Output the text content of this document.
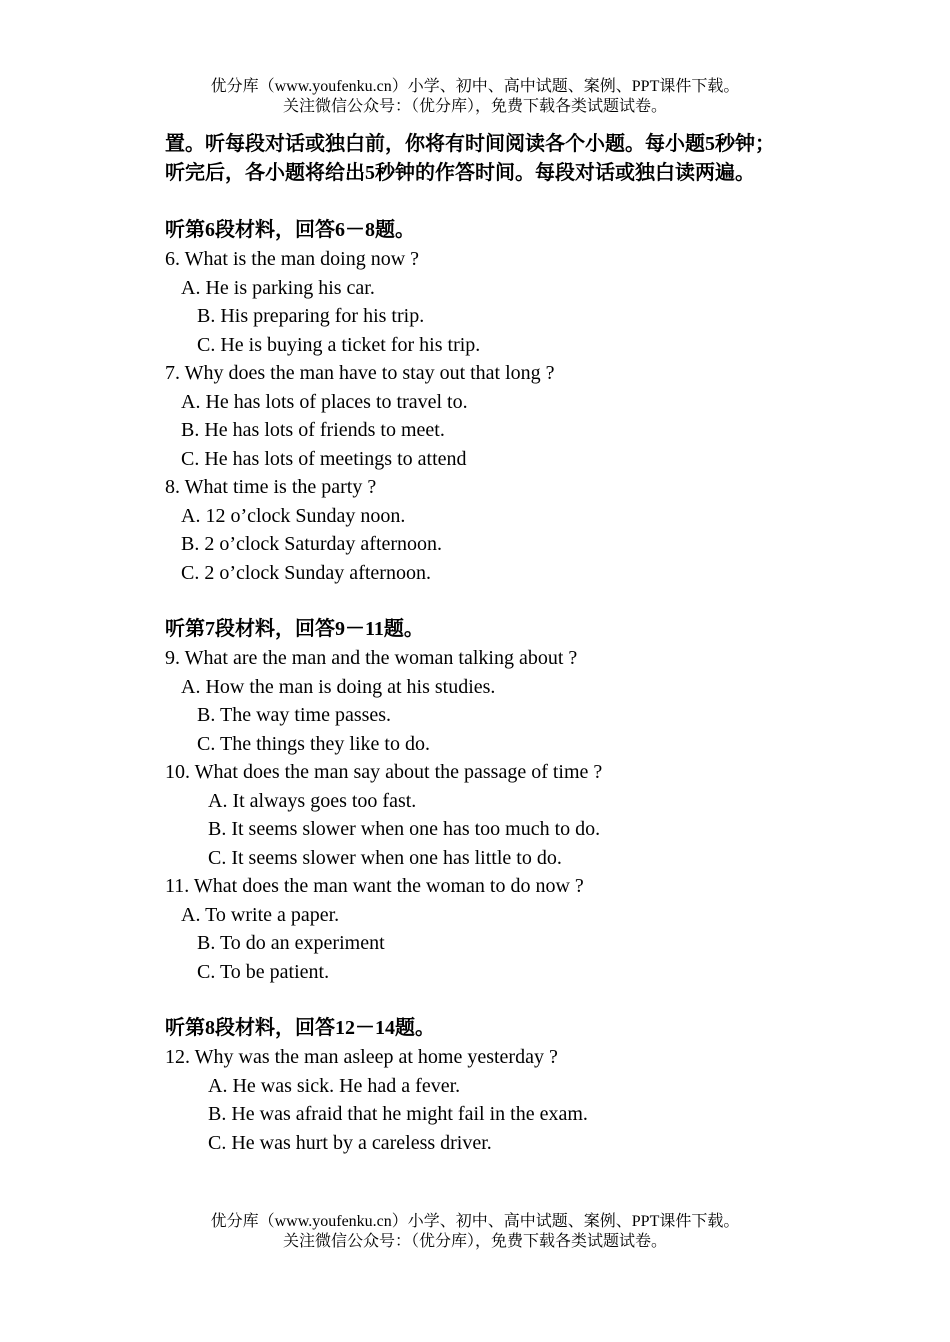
优分库（www.youfenku.cn）小学、初中、高中试题、案例、PPT课件下载。
关注微信公众号：（优分库），免费下载各类试题试卷。

置。听每段对话或独白前，你将有时间阅读各个小题。每小题5秒钟；听完后，各小题将给出5秒钟的作答时间。每段对话或独白读两遍。

听第6段材料，回答6－8题。

6. What is the man doing now ?
A. He is parking his car.
B. His preparing for his trip.
C. He is buying a ticket for his trip.
7. Why does the man have to stay out that long ?
A. He has lots of places to travel to.
B. He has lots of friends to meet.
C. He has lots of meetings to attend
8. What time is the party ?
A. 12 o’clock Sunday noon.
B. 2 o’clock Saturday afternoon.
C. 2 o’clock Sunday afternoon.

听第7段材料，回答9－11题。

9. What are the man and the woman talking about ?
A. How the man is doing at his studies.
B. The way time passes.
C. The things they like to do.
10. What does the man say about the passage of time ?
A. It always goes too fast.
B. It seems slower when one has too much to do.
C. It seems slower when one has little to do.
11. What does the man want the woman to do now ?
A. To write a paper.
B. To do an experiment
C. To be patient.

听第8段材料，回答12－14题。

12. Why was the man asleep at home yesterday ?
A. He was sick. He had a fever.
B. He was afraid that he might fail in the exam.
C. He was hurt by a careless driver.
优分库（www.youfenku.cn）小学、初中、高中试题、案例、PPT课件下载。
关注微信公众号：（优分库），免费下载各类试题试卷。
